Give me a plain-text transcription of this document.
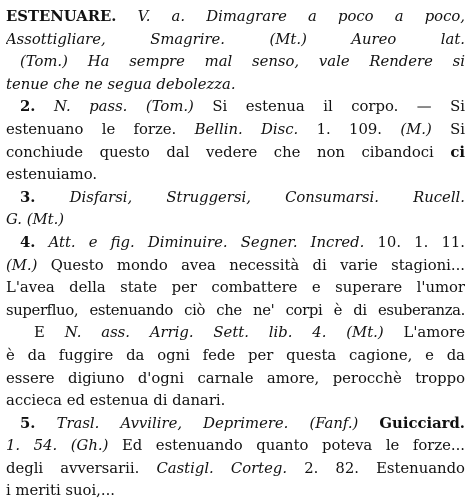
ESTENUARE. V. a. Dimagrare a poco a poco,
Assottigliare, Smagrire. (Mt.) Aureo lat.
(Tom.) Ha sempre mal senso, vale Rendere si
tenue che ne segua debolezza.
2. N. pass. (Tom.) Si estenua il corpo. — Si
estenuano le forze. Bellin. Disc. 1. 109. (M.) Si
conchiude questo dal vedere che non cibandoci ci
estenuiamo.
3. Disfarsi, Struggersi, Consumarsi. Rucell.
G. (Mt.)
4. Att. e fig. Diminuire. Segner. Incred. 10. 1. 11.
(M.) Questo mondo avea necessità di varie stagioni...
L'avea della state per combattere e superare l'umor
superfluo, estenuando ciò che ne' corpi è di esuberanza.
E N. ass. Arrig. Sett. lib. 4. (Mt.) L'amore
è da fuggire da ogni fede per questa cagione, e da
essere digiuno d'ogni carnale amore, perocchè troppo
accieca ed estenua di danari.
5. Trasl. Avvilire, Deprimere. (Fanf.) Guicciard.
1. 54. (Gh.) Ed estenuando quanto poteva le forze...
degli avversarii. Castigl. Corteg. 2. 82. Estenuando
i meriti suoi,...
